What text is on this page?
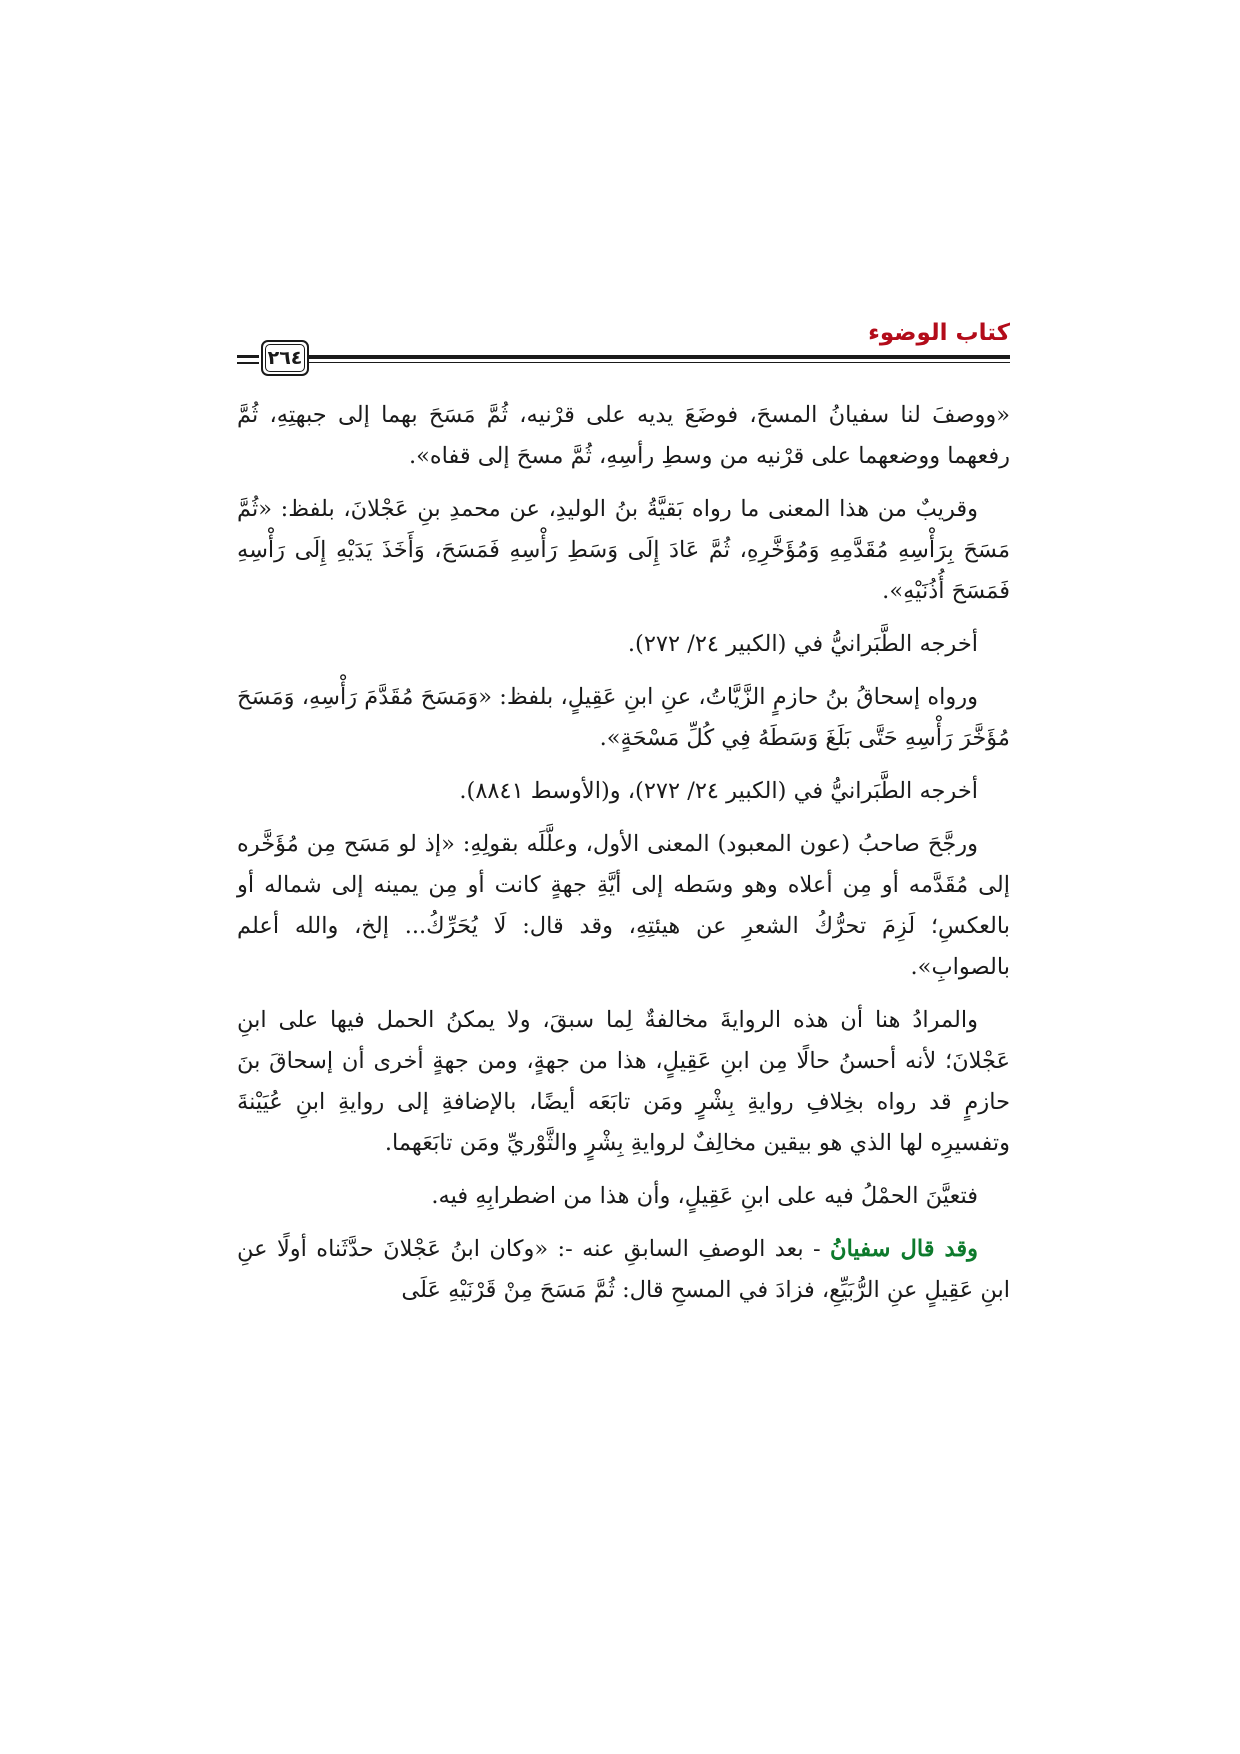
كتاب الوضوء
٢٦٤

«ووصفَ لنا سفيانُ المسحَ، فوضَعَ يديه على قرْنيه، ثُمَّ مَسَحَ بهما إلى جبهتِهِ، ثُمَّ رفعهما ووضعهما على قرْنيه من وسطِ رأسِهِ، ثُمَّ مسحَ إلى قفاه».

وقريبٌ من هذا المعنى ما رواه بَقيَّةُ بنُ الوليدِ، عن محمدِ بنِ عَجْلانَ، بلفظ: «ثُمَّ مَسَحَ بِرَأْسِهِ مُقَدَّمِهِ وَمُؤَخَّرِهِ، ثُمَّ عَادَ إِلَى وَسَطِ رَأْسِهِ فَمَسَحَ، وَأَخَذَ يَدَيْهِ إِلَى رَأْسِهِ فَمَسَحَ أُذُنَيْهِ».

أخرجه الطَّبَرانيُّ في (الكبير ٢٤/ ٢٧٢).

ورواه إسحاقُ بنُ حازمٍ الزَّيَّاتُ، عنِ ابنِ عَقِيلٍ، بلفظ: «وَمَسَحَ مُقَدَّمَ رَأْسِهِ، وَمَسَحَ مُؤَخَّرَ رَأْسِهِ حَتَّى بَلَغَ وَسَطَهُ فِي كُلِّ مَسْحَةٍ».

أخرجه الطَّبَرانيُّ في (الكبير ٢٤/ ٢٧٢)، و(الأوسط ٨٨٤١).

ورجَّحَ صاحبُ (عون المعبود) المعنى الأول، وعلَّلَه بقولِهِ: «إذ لو مَسَح مِن مُؤَخَّره إلى مُقَدَّمه أو مِن أعلاه وهو وسَطه إلى أيَّةِ جهةٍ كانت أو مِن يمينه إلى شماله أو بالعكسِ؛ لَزِمَ تحرُّكُ الشعرِ عن هيئتِهِ، وقد قال: لَا يُحَرِّكُ... إلخ، والله أعلم بالصوابِ».

والمرادُ هنا أن هذه الروايةَ مخالفةٌ لِما سبقَ، ولا يمكنُ الحمل فيها على ابنِ عَجْلانَ؛ لأنه أحسنُ حالًا مِن ابنِ عَقِيلٍ، هذا من جهةٍ، ومن جهةٍ أخرى أن إسحاقَ بنَ حازمٍ قد رواه بخِلافِ روايةِ بِشْرٍ ومَن تابَعَه أيضًا، بالإضافةِ إلى روايةِ ابنِ عُيَيْنةَ وتفسيرِه لها الذي هو بيقين مخالِفٌ لروايةِ بِشْرٍ والثَّوْريِّ ومَن تابَعَهما.

فتعيَّنَ الحمْلُ فيه على ابنِ عَقِيلٍ، وأن هذا من اضطرابِهِ فيه.

وقد قال سفيانُ - بعد الوصفِ السابقِ عنه -: «وكان ابنُ عَجْلانَ حدَّثَناه أولًا عنِ ابنِ عَقِيلٍ عنِ الرُّبَيِّعِ، فزادَ في المسحِ قال: ثُمَّ مَسَحَ مِنْ قَرْنَيْهِ عَلَى
